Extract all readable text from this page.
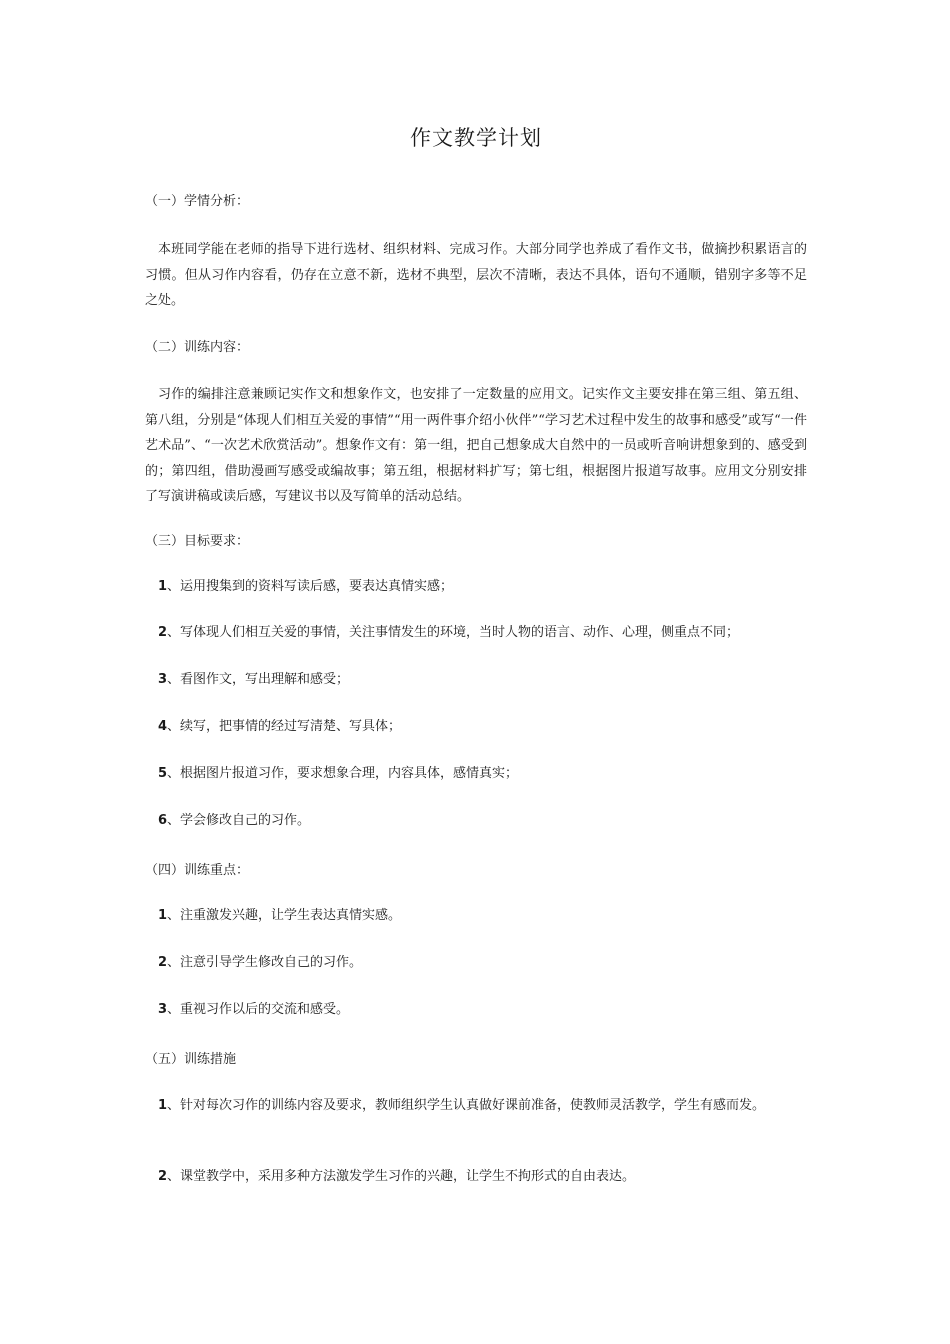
作文教学计划

（一）学情分析：

本班同学能在老师的指导下进行选材、组织材料、完成习作。大部分同学也养成了看作文书，做摘抄积累语言的习惯。但从习作内容看，仍存在立意不新，选材不典型，层次不清晰，表达不具体，语句不通顺，错别字多等不足之处。

（二）训练内容：

习作的编排注意兼顾记实作文和想象作文，也安排了一定数量的应用文。记实作文主要安排在第三组、第五组、第八组，分别是“体现人们相互关爱的事情”“用一两件事介绍小伙伴”“学习艺术过程中发生的故事和感受”或写“一件艺术品”、“一次艺术欣赏活动”。想象作文有：第一组，把自己想象成大自然中的一员或听音响讲想象到的、感受到的；第四组，借助漫画写感受或编故事；第五组，根据材料扩写；第七组，根据图片报道写故事。应用文分别安排了写演讲稿或读后感，写建议书以及写简单的活动总结。

（三）目标要求：

1、运用搜集到的资料写读后感，要表达真情实感；

2、写体现人们相互关爱的事情，关注事情发生的环境，当时人物的语言、动作、心理，侧重点不同；

3、看图作文，写出理解和感受；

4、续写，把事情的经过写清楚、写具体；

5、根据图片报道习作，要求想象合理，内容具体，感情真实；

6、学会修改自己的习作。

（四）训练重点：

1、注重激发兴趣，让学生表达真情实感。

2、注意引导学生修改自己的习作。

3、重视习作以后的交流和感受。

（五）训练措施

1、针对每次习作的训练内容及要求，教师组织学生认真做好课前准备，使教师灵活教学，学生有感而发。

2、课堂教学中，采用多种方法激发学生习作的兴趣，让学生不拘形式的自由表达。
